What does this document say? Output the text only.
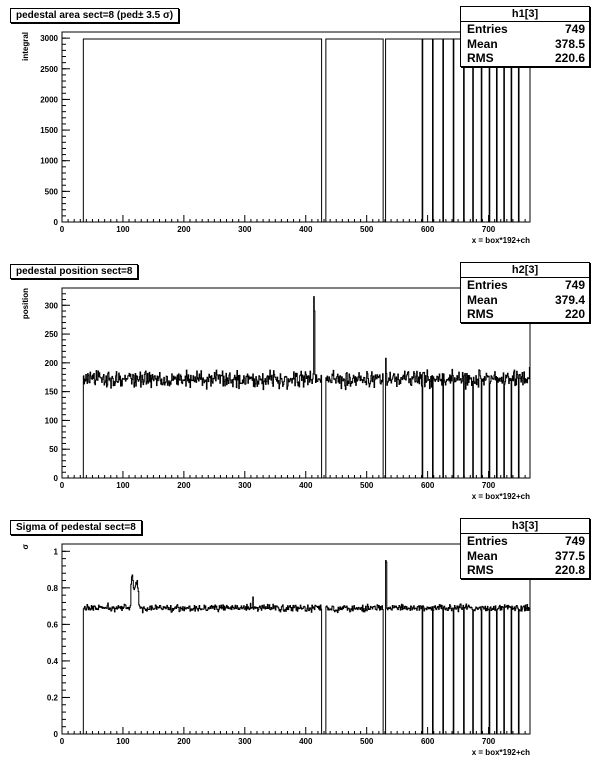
0	100	200	300	400	500	600	700
0
500
1000
1500
2000
2500
3000
x = box*192+ch
integral
pedestal area sect=8 (ped± 3.5 σ)	h1[3]
Entries	749
Mean	378.5
RMS	220.6
0	100	200	300	400	500	600	700
0
50
100
150
200
250
300
x = box*192+ch
position
pedestal position sect=8	h2[3]
Entries	749
Mean	379.4
RMS	220
0	100	200	300	400	500	600	700
0
0.2
0.4
0.6
0.8
1
x = box*192+ch
σ
Sigma of pedestal sect=8	h3[3]
Entries	749
Mean	377.5
RMS	220.8
